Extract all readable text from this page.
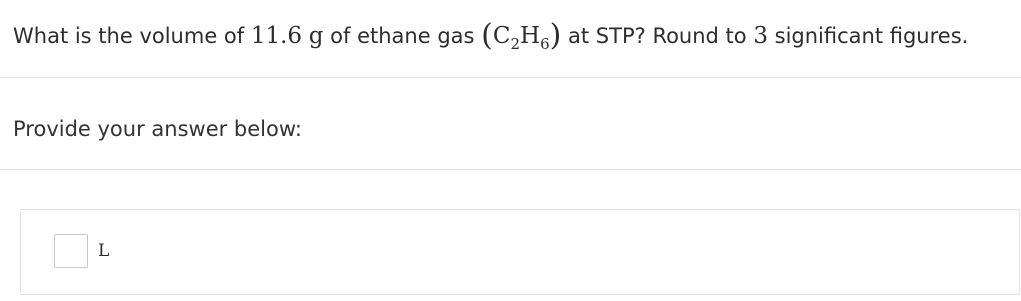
What is the volume of 11.6 g of ethane gas $(C_2H_6)$ at STP? Round to 3 significant figures.
Provide your answer below:
L
